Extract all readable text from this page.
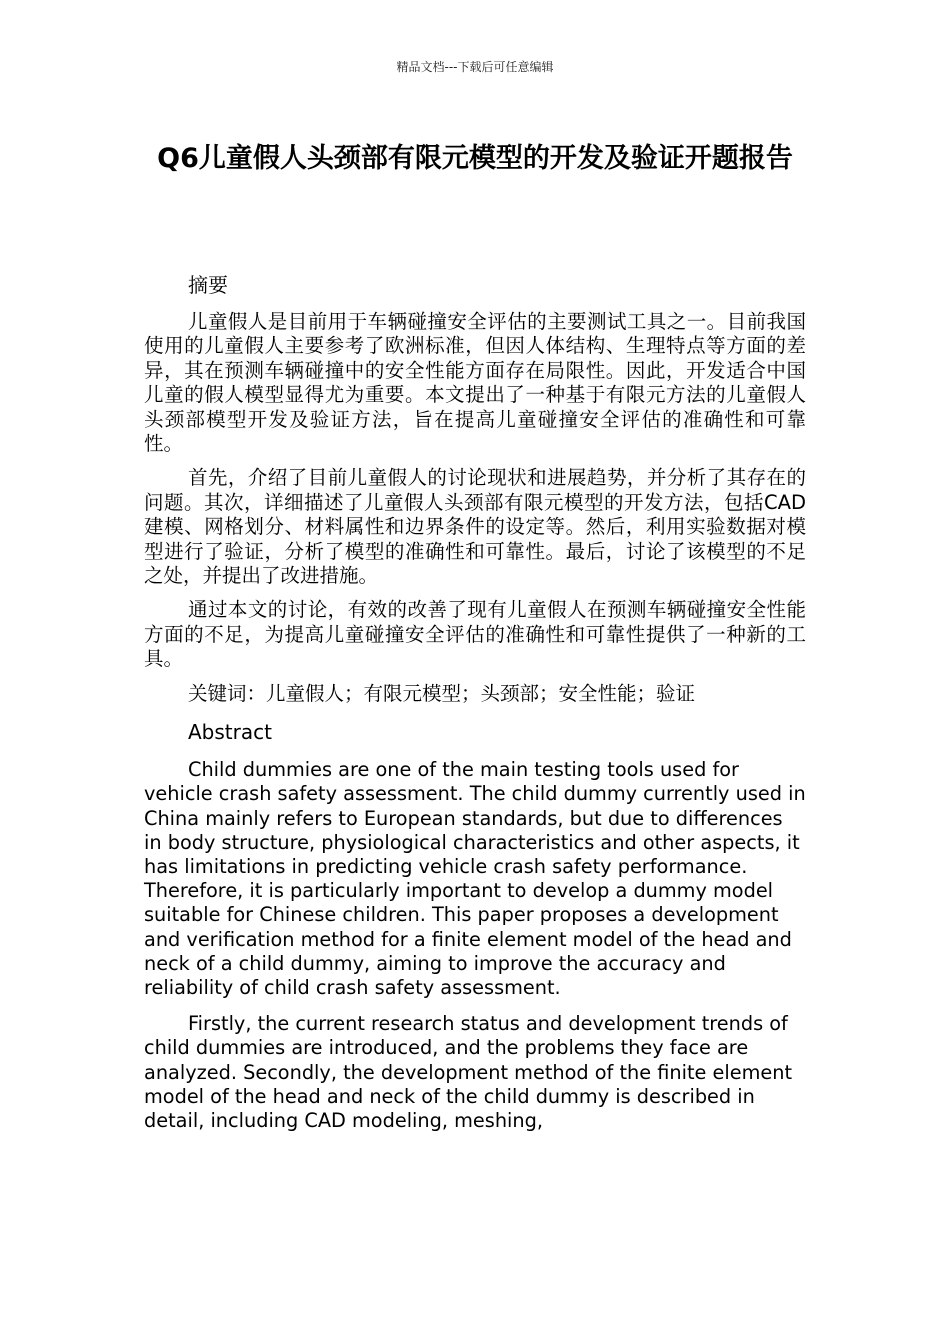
精品文档---下载后可任意编辑
Q6儿童假人头颈部有限元模型的开发及验证开题报告

摘要

儿童假人是目前用于车辆碰撞安全评估的主要测试工具之一。目前我国使用的儿童假人主要参考了欧洲标准，但因人体结构、生理特点等方面的差异，其在预测车辆碰撞中的安全性能方面存在局限性。因此，开发适合中国儿童的假人模型显得尤为重要。本文提出了一种基于有限元方法的儿童假人头颈部模型开发及验证方法，旨在提高儿童碰撞安全评估的准确性和可靠性。

首先，介绍了目前儿童假人的讨论现状和进展趋势，并分析了其存在的问题。其次，详细描述了儿童假人头颈部有限元模型的开发方法，包括CAD建模、网格划分、材料属性和边界条件的设定等。然后，利用实验数据对模型进行了验证，分析了模型的准确性和可靠性。最后，讨论了该模型的不足之处，并提出了改进措施。

通过本文的讨论，有效的改善了现有儿童假人在预测车辆碰撞安全性能方面的不足，为提高儿童碰撞安全评估的准确性和可靠性提供了一种新的工具。

关键词：儿童假人；有限元模型；头颈部；安全性能；验证

Abstract

Child dummies are one of the main testing tools used for vehicle crash safety assessment. The child dummy currently used in China mainly refers to European standards, but due to differences in body structure, physiological characteristics and other aspects, it has limitations in predicting vehicle crash safety performance. Therefore, it is particularly important to develop a dummy model suitable for Chinese children. This paper proposes a development and verification method for a finite element model of the head and neck of a child dummy, aiming to improve the accuracy and reliability of child crash safety assessment.

Firstly, the current research status and development trends of child dummies are introduced, and the problems they face are analyzed. Secondly, the development method of the finite element model of the head and neck of the child dummy is described in detail, including CAD modeling, meshing,
